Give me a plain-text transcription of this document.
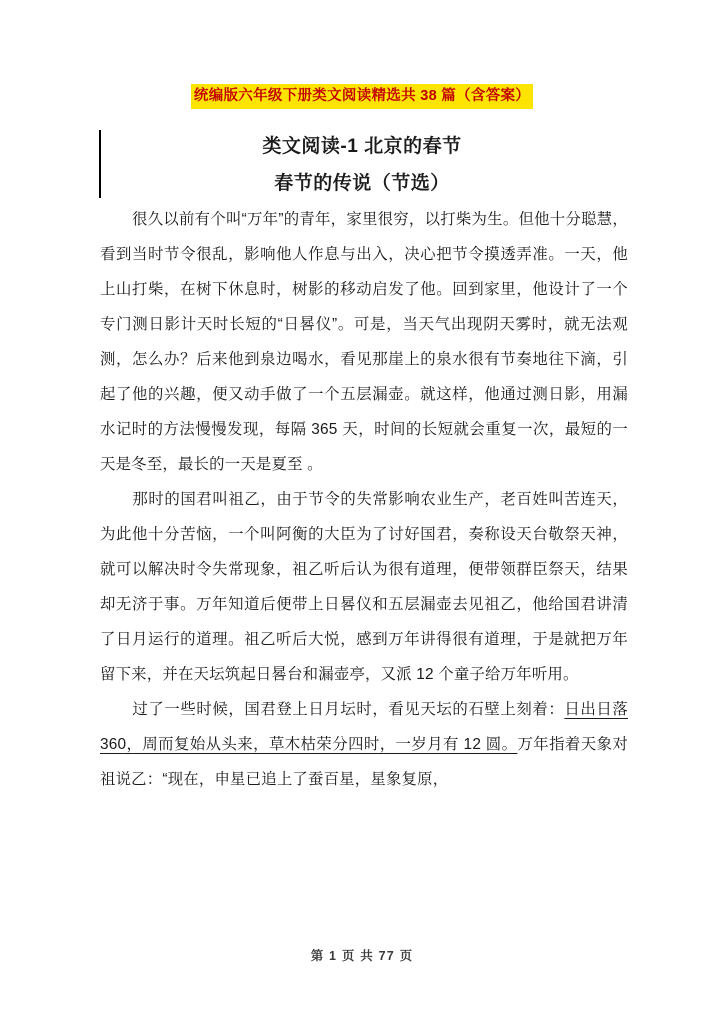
统编版六年级下册类文阅读精选共 38 篇（含答案）
类文阅读-1 北京的春节
春节的传说（节选）

很久以前有个叫“万年”的青年，家里很穷，以打柴为生。但他十分聪慧，看到当时节令很乱，影响他人作息与出入，决心把节令摸透弄准。一天，他上山打柴，在树下休息时，树影的移动启发了他。回到家里，他设计了一个专门测日影计天时长短的“日晷仪”。可是，当天气出现阴天雾时，就无法观测，怎么办？后来他到泉边喝水，看见那崖上的泉水很有节奏地往下滴，引起了他的兴趣，便又动手做了一个五层漏壶。就这样，他通过测日影，用漏水记时的方法慢慢发现，每隔 365 天，时间的长短就会重复一次，最短的一天是冬至，最长的一天是夏至 。

那时的国君叫祖乙，由于节令的失常影响农业生产，老百姓叫苦连天，为此他十分苦恼，一个叫阿衡的大臣为了讨好国君，奏称设天台敬祭天神，就可以解决时令失常现象，祖乙听后认为很有道理，便带领群臣祭天，结果却无济于事。万年知道后便带上日晷仪和五层漏壶去见祖乙，他给国君讲清了日月运行的道理。祖乙听后大悦，感到万年讲得很有道理，于是就把万年留下来，并在天坛筑起日晷台和漏壶亭，又派 12 个童子给万年听用。

过了一些时候，国君登上日月坛时，看见天坛的石壁上刻着：日出日落 360，周而复始从头来，草木枯荣分四时，一岁月有 12 圆。万年指着天象对祖说乙：“现在，申星已追上了蚕百星，星象复原，

第 1 页 共 77 页
